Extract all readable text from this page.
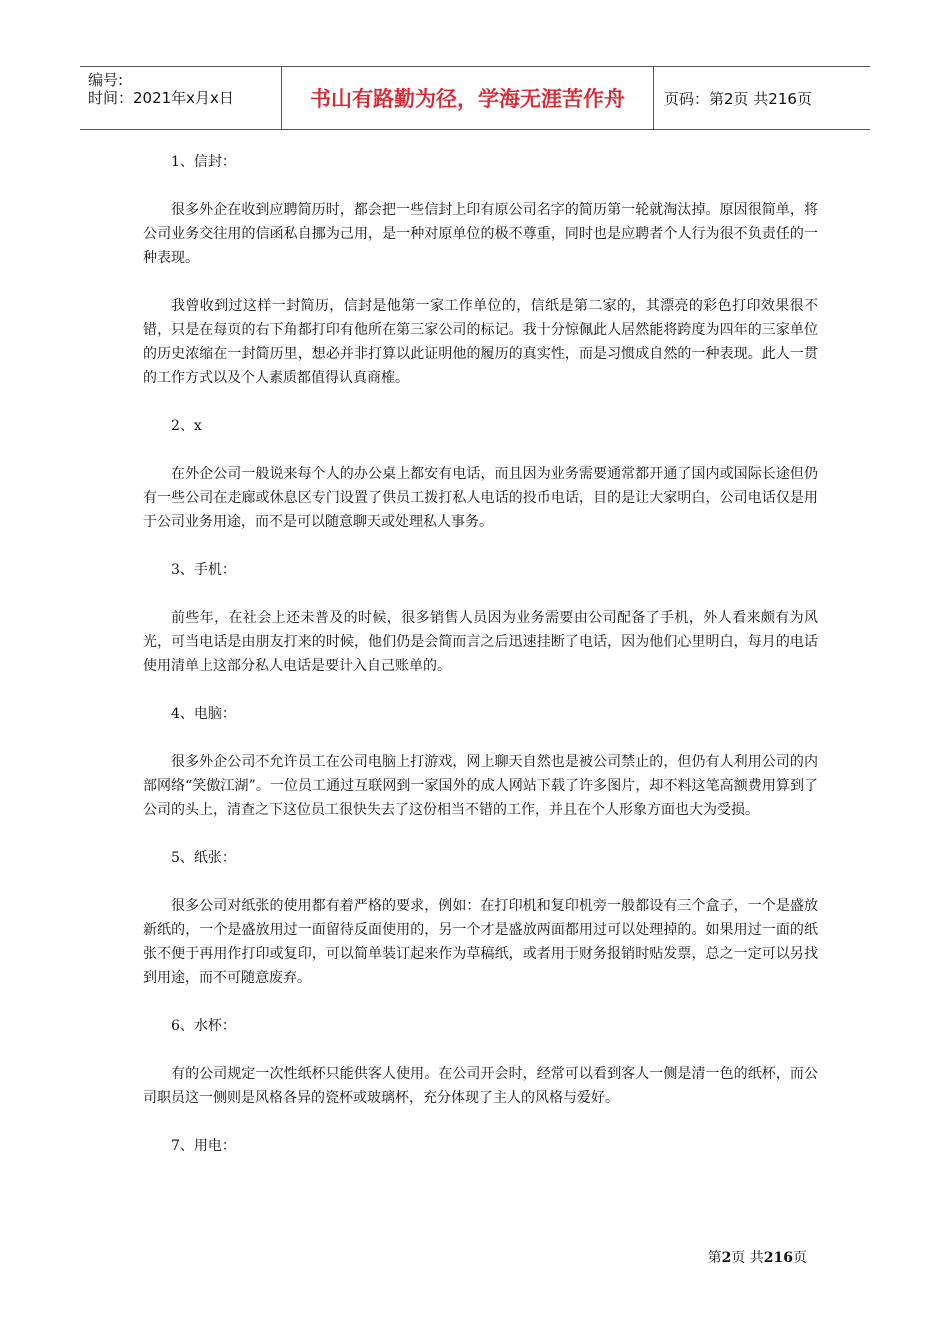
编号:
时间：2021年x月x日	书山有路勤为径，学海无涯苦作舟	页码：第2页 共216页

1、信封：

很多外企在收到应聘简历时，都会把一些信封上印有原公司名字的简历第一轮就淘汰掉。原因很简单，将公司业务交往用的信函私自挪为己用，是一种对原单位的极不尊重，同时也是应聘者个人行为很不负责任的一种表现。

我曾收到过这样一封简历，信封是他第一家工作单位的，信纸是第二家的，其漂亮的彩色打印效果很不错，只是在每页的右下角都打印有他所在第三家公司的标记。我十分惊佩此人居然能将跨度为四年的三家单位的历史浓缩在一封简历里，想必并非打算以此证明他的履历的真实性，而是习惯成自然的一种表现。此人一贯的工作方式以及个人素质都值得认真商榷。

2、x

在外企公司一般说来每个人的办公桌上都安有电话，而且因为业务需要通常都开通了国内或国际长途但仍有一些公司在走廊或休息区专门设置了供员工拨打私人电话的投币电话，目的是让大家明白，公司电话仅是用于公司业务用途，而不是可以随意聊天或处理私人事务。

3、手机：

前些年，在社会上还未普及的时候，很多销售人员因为业务需要由公司配备了手机，外人看来颇有为风光，可当电话是由朋友打来的时候，他们仍是会简而言之后迅速挂断了电话，因为他们心里明白，每月的电话使用清单上这部分私人电话是要计入自己账单的。

4、电脑：

很多外企公司不允许员工在公司电脑上打游戏，网上聊天自然也是被公司禁止的，但仍有人利用公司的内部网络“笑傲江湖”。一位员工通过互联网到一家国外的成人网站下载了许多图片，却不料这笔高额费用算到了公司的头上，清查之下这位员工很快失去了这份相当不错的工作，并且在个人形象方面也大为受损。

5、纸张：

很多公司对纸张的使用都有着严格的要求，例如：在打印机和复印机旁一般都设有三个盒子，一个是盛放新纸的，一个是盛放用过一面留待反面使用的，另一个才是盛放两面都用过可以处理掉的。如果用过一面的纸张不便于再用作打印或复印，可以简单装订起来作为草稿纸，或者用于财务报销时贴发票，总之一定可以另找到用途，而不可随意废弃。

6、水杯：

有的公司规定一次性纸杯只能供客人使用。在公司开会时，经常可以看到客人一侧是清一色的纸杯，而公司职员这一侧则是风格各异的瓷杯或玻璃杯，充分体现了主人的风格与爱好。

7、用电：

第2页 共216页
